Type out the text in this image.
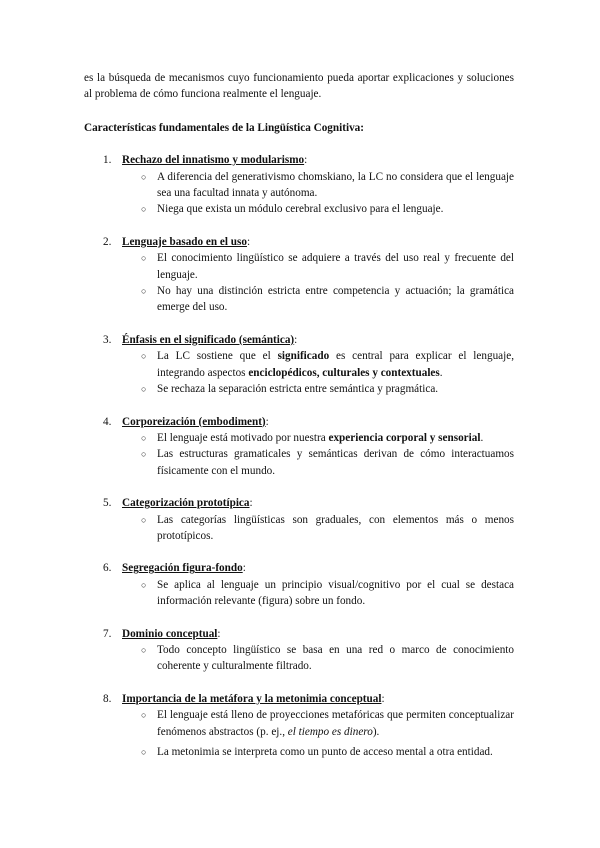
es la búsqueda de mecanismos cuyo funcionamiento pueda aportar explicaciones y soluciones al problema de cómo funciona realmente el lenguaje.

Características fundamentales de la Lingüística Cognitiva:
1. Rechazo del innatismo y modularismo:
○ A diferencia del generativismo chomskiano, la LC no considera que el lenguaje sea una facultad innata y autónoma.
○ Niega que exista un módulo cerebral exclusivo para el lenguaje.
2. Lenguaje basado en el uso:
○ El conocimiento lingüístico se adquiere a través del uso real y frecuente del lenguaje.
○ No hay una distinción estricta entre competencia y actuación; la gramática emerge del uso.
3. Énfasis en el significado (semántica):
○ La LC sostiene que el significado es central para explicar el lenguaje, integrando aspectos enciclopédicos, culturales y contextuales.
○ Se rechaza la separación estricta entre semántica y pragmática.
4. Corporeización (embodiment):
○ El lenguaje está motivado por nuestra experiencia corporal y sensorial.
○ Las estructuras gramaticales y semánticas derivan de cómo interactuamos físicamente con el mundo.
5. Categorización prototípica:
○ Las categorías lingüísticas son graduales, con elementos más o menos prototípicos.
6. Segregación figura-fondo:
○ Se aplica al lenguaje un principio visual/cognitivo por el cual se destaca información relevante (figura) sobre un fondo.
7. Dominio conceptual:
○ Todo concepto lingüístico se basa en una red o marco de conocimiento coherente y culturalmente filtrado.
8. Importancia de la metáfora y la metonimia conceptual:
○ El lenguaje está lleno de proyecciones metafóricas que permiten conceptualizar fenómenos abstractos (p. ej., el tiempo es dinero).
○ La metonimia se interpreta como un punto de acceso mental a otra entidad.
